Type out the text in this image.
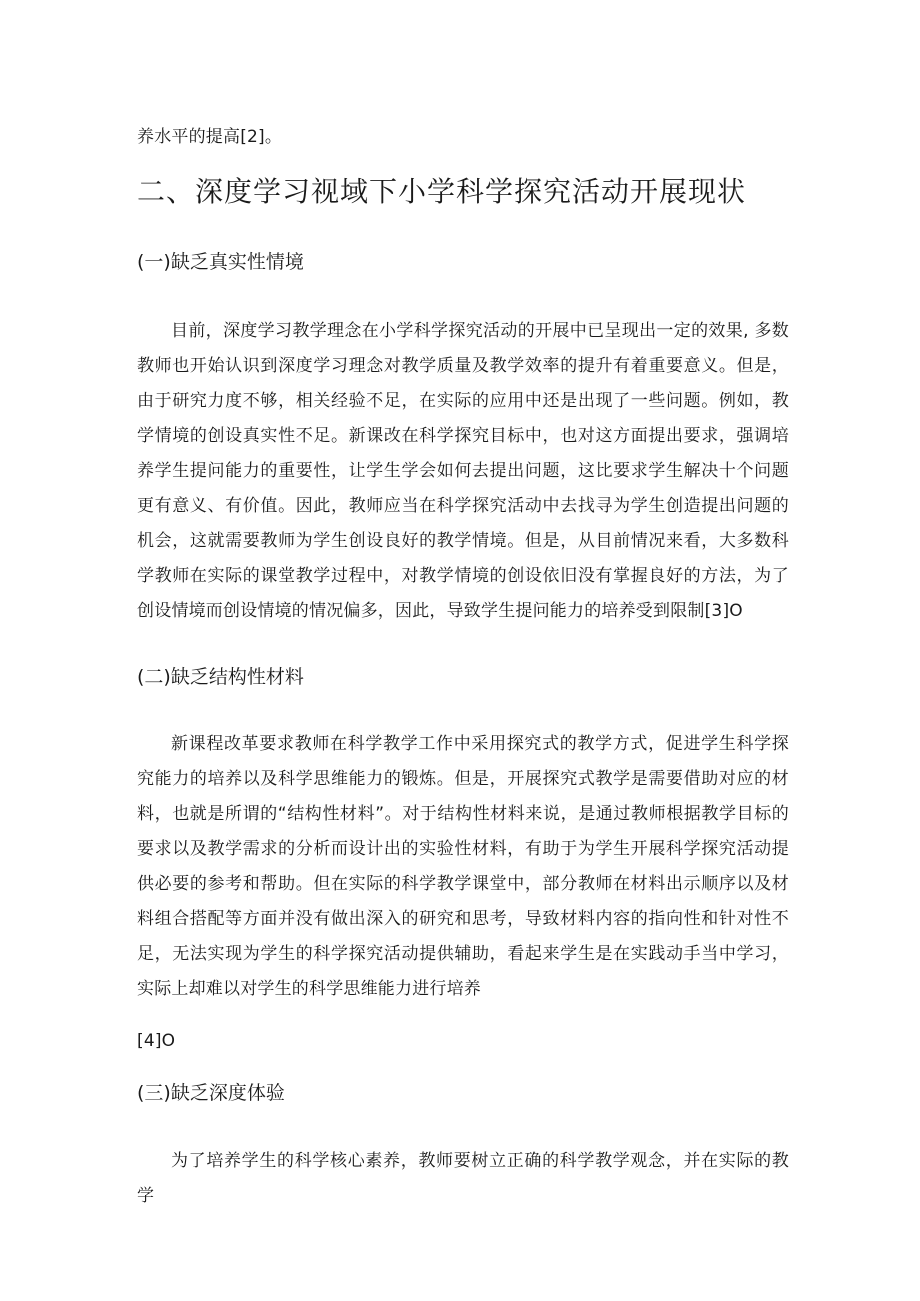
养水平的提高[2]。

二、深度学习视域下小学科学探究活动开展现状
(一)缺乏真实性情境

目前，深度学习教学理念在小学科学探究活动的开展中已呈现出一定的效果, 多数教师也开始认识到深度学习理念对教学质量及教学效率的提升有着重要意义。但是，由于研究力度不够，相关经验不足，在实际的应用中还是出现了一些问题。例如，教学情境的创设真实性不足。新课改在科学探究目标中，也对这方面提出要求，强调培养学生提问能力的重要性，让学生学会如何去提出问题，这比要求学生解决十个问题更有意义、有价值。因此，教师应当在科学探究活动中去找寻为学生创造提出问题的机会，这就需要教师为学生创设良好的教学情境。但是，从目前情况来看，大多数科学教师在实际的课堂教学过程中，对教学情境的创设依旧没有掌握良好的方法，为了创设情境而创设情境的情况偏多，因此，导致学生提问能力的培养受到限制[3]O

(二)缺乏结构性材料

新课程改革要求教师在科学教学工作中采用探究式的教学方式，促进学生科学探究能力的培养以及科学思维能力的锻炼。但是，开展探究式教学是需要借助对应的材料，也就是所谓的“结构性材料”。对于结构性材料来说，是通过教师根据教学目标的要求以及教学需求的分析而设计出的实验性材料，有助于为学生开展科学探究活动提供必要的参考和帮助。但在实际的科学教学课堂中，部分教师在材料出示顺序以及材料组合搭配等方面并没有做出深入的研究和思考，导致材料内容的指向性和针对性不足，无法实现为学生的科学探究活动提供辅助，看起来学生是在实践动手当中学习，实际上却难以对学生的科学思维能力进行培养

[4]O

(三)缺乏深度体验

为了培养学生的科学核心素养，教师要树立正确的科学教学观念，并在实际的教学
